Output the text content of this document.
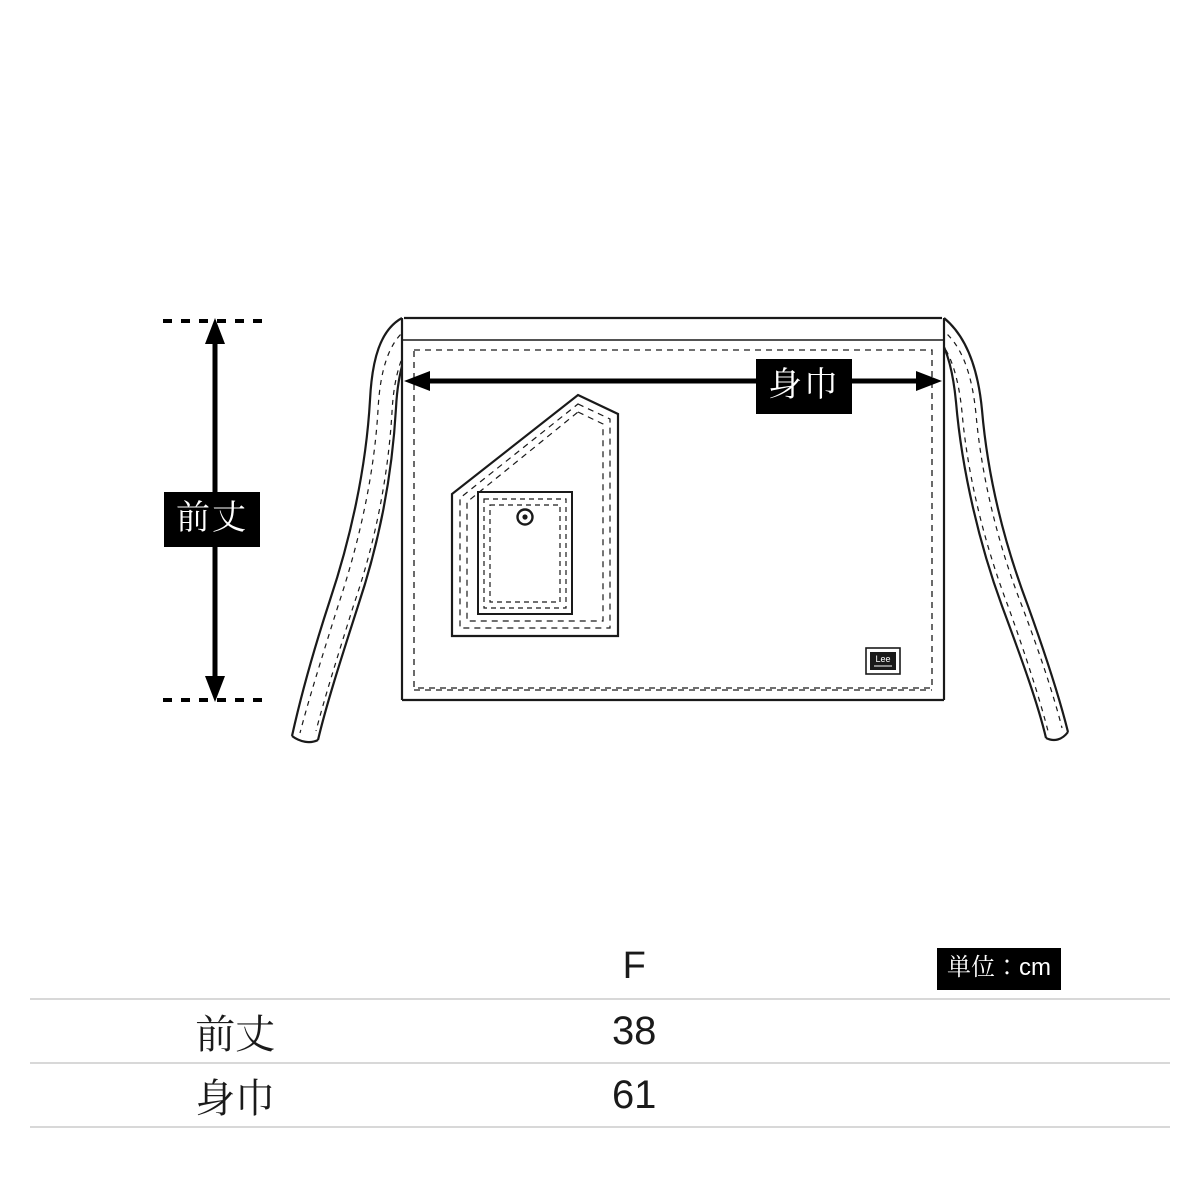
Lee
前丈
身巾
	F	単位：cm
前丈	38	
身巾	61	
